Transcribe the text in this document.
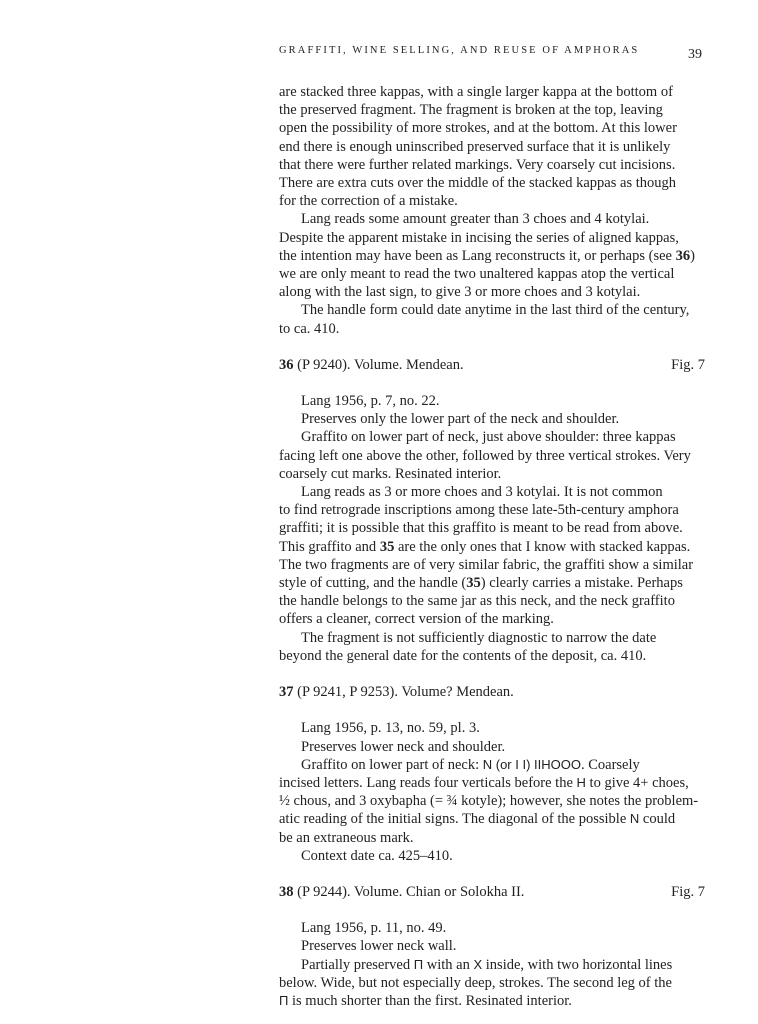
GRAFFITI, WINE SELLING, AND REUSE OF AMPHORAS	39
are stacked three kappas, with a single larger kappa at the bottom of
the preserved fragment. The fragment is broken at the top, leaving
open the possibility of more strokes, and at the bottom. At this lower
end there is enough uninscribed preserved surface that it is unlikely
that there were further related markings. Very coarsely cut incisions.
There are extra cuts over the middle of the stacked kappas as though
for the correction of a mistake.
Lang reads some amount greater than 3 choes and 4 kotylai.
Despite the apparent mistake in incising the series of aligned kappas,
the intention may have been as Lang reconstructs it, or perhaps (see 36)
we are only meant to read the two unaltered kappas atop the vertical
along with the last sign, to give 3 or more choes and 3 kotylai.
The handle form could date anytime in the last third of the century,
to ca. 410.
36 (P 9240). Volume. Mendean.	Fig. 7
Lang 1956, p. 7, no. 22.
Preserves only the lower part of the neck and shoulder.
Graffito on lower part of neck, just above shoulder: three kappas
facing left one above the other, followed by three vertical strokes. Very
coarsely cut marks. Resinated interior.
Lang reads as 3 or more choes and 3 kotylai. It is not common
to find retrograde inscriptions among these late-5th-century amphora
graffiti; it is possible that this graffito is meant to be read from above.
This graffito and 35 are the only ones that I know with stacked kappas.
The two fragments are of very similar fabric, the graffiti show a similar
style of cutting, and the handle (35) clearly carries a mistake. Perhaps
the handle belongs to the same jar as this neck, and the neck graffito
offers a cleaner, correct version of the marking.
The fragment is not sufficiently diagnostic to narrow the date
beyond the general date for the contents of the deposit, ca. 410.
37 (P 9241, P 9253). Volume? Mendean.
Lang 1956, p. 13, no. 59, pl. 3.
Preserves lower neck and shoulder.
Graffito on lower part of neck: N (or I I) IIHOOO. Coarsely
incised letters. Lang reads four verticals before the H to give 4+ choes,
½ chous, and 3 oxybapha (= ¾ kotyle); however, she notes the problem-
atic reading of the initial signs. The diagonal of the possible N could
be an extraneous mark.
Context date ca. 425–410.
38 (P 9244). Volume. Chian or Solokha II.	Fig. 7
Lang 1956, p. 11, no. 49.
Preserves lower neck wall.
Partially preserved Π with an X inside, with two horizontal lines
below. Wide, but not especially deep, strokes. The second leg of the
Π is much shorter than the first. Resinated interior.
